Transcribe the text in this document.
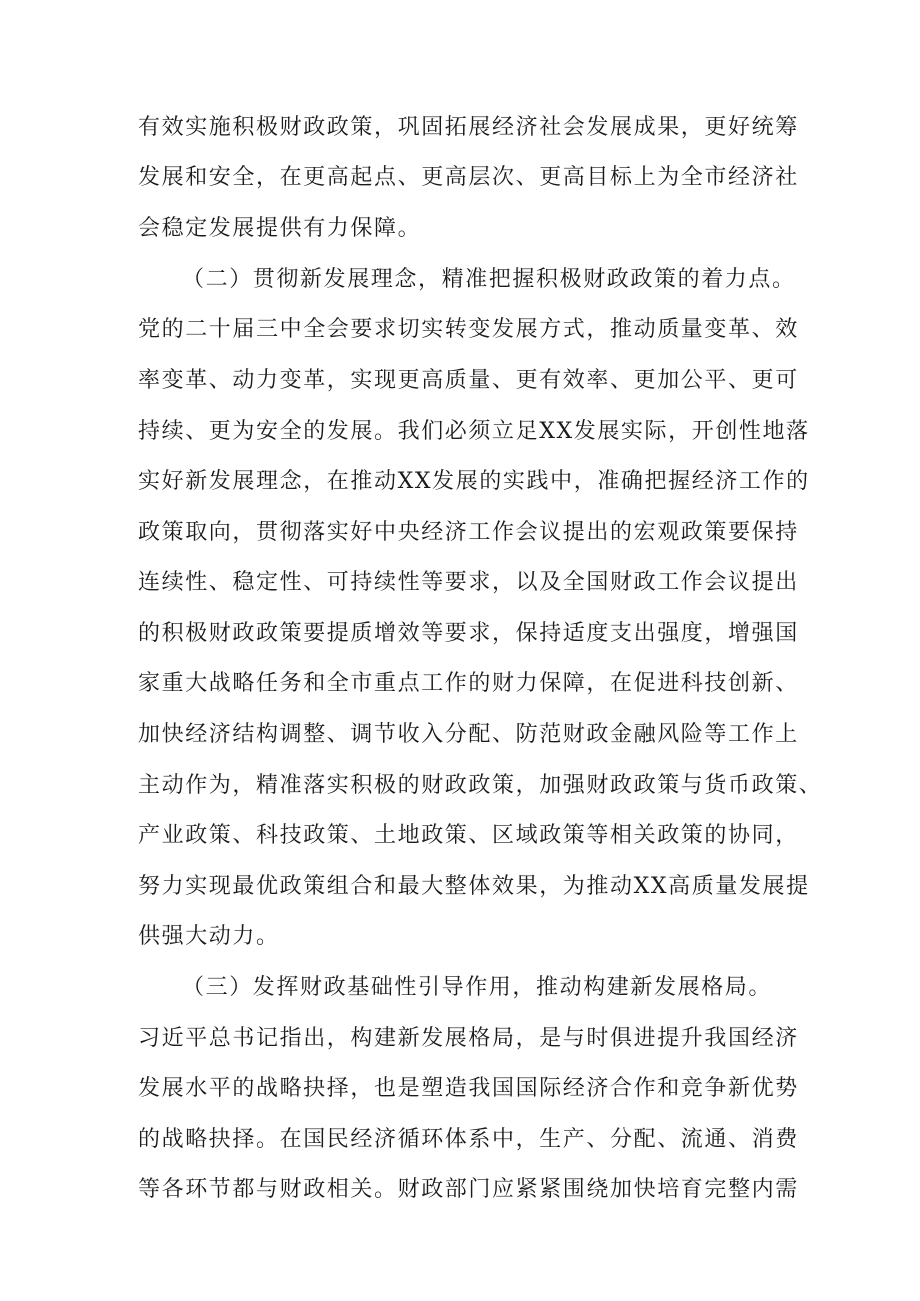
有效实施积极财政政策，巩固拓展经济社会发展成果，更好统筹
发展和安全，在更高起点、更高层次、更高目标上为全市经济社
会稳定发展提供有力保障。
（二）贯彻新发展理念，精准把握积极财政政策的着力点。
党的二十届三中全会要求切实转变发展方式，推动质量变革、效
率变革、动力变革，实现更高质量、更有效率、更加公平、更可
持续、更为安全的发展。我们必须立足XX发展实际，开创性地落
实好新发展理念，在推动XX发展的实践中，准确把握经济工作的
政策取向，贯彻落实好中央经济工作会议提出的宏观政策要保持
连续性、稳定性、可持续性等要求，以及全国财政工作会议提出
的积极财政政策要提质增效等要求，保持适度支出强度，增强国
家重大战略任务和全市重点工作的财力保障，在促进科技创新、
加快经济结构调整、调节收入分配、防范财政金融风险等工作上
主动作为，精准落实积极的财政政策，加强财政政策与货币政策、
产业政策、科技政策、土地政策、区域政策等相关政策的协同，
努力实现最优政策组合和最大整体效果，为推动XX高质量发展提
供强大动力。
（三）发挥财政基础性引导作用，推动构建新发展格局。
习近平总书记指出，构建新发展格局，是与时俱进提升我国经济
发展水平的战略抉择，也是塑造我国国际经济合作和竞争新优势
的战略抉择。在国民经济循环体系中，生产、分配、流通、消费
等各环节都与财政相关。财政部门应紧紧围绕加快培育完整内需
